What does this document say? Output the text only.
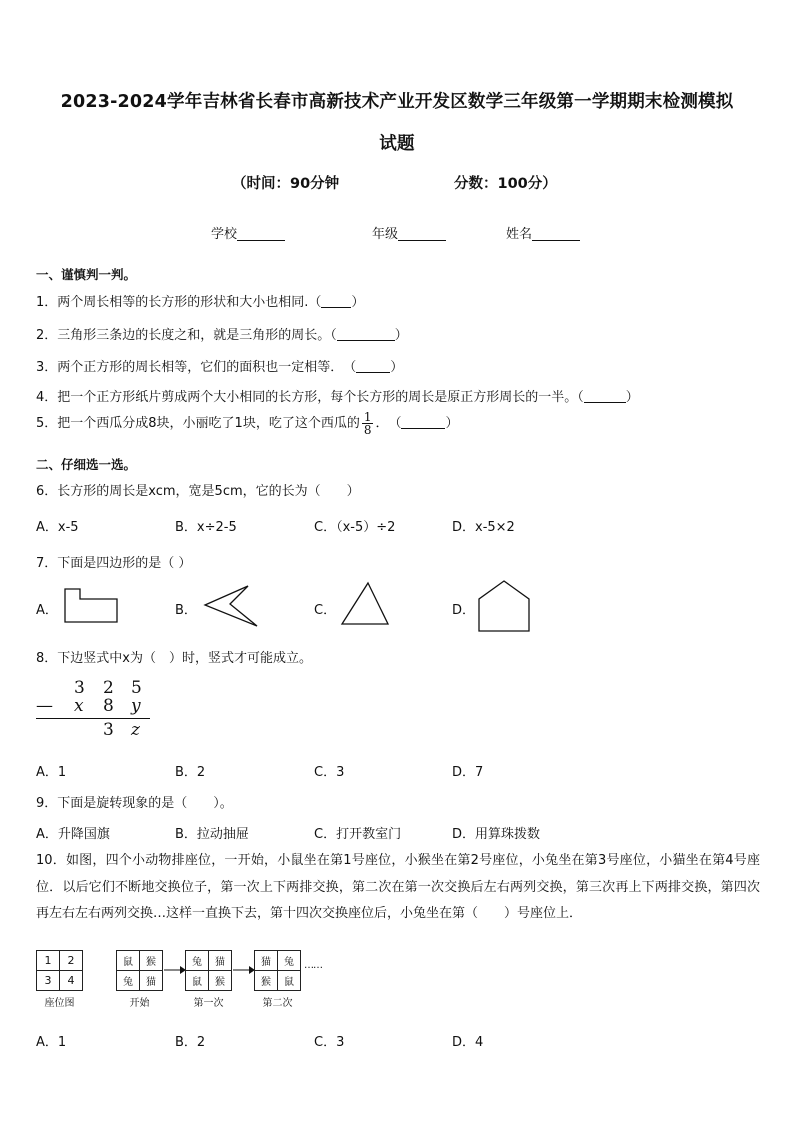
2023-2024学年吉林省长春市高新技术产业开发区数学三年级第一学期期末检测模拟
试题
（时间：90分钟	分数：100分）
学校	年级	姓名
一、谨慎判一判。
1．两个周长相等的长方形的形状和大小也相同.（ ）
2．三角形三条边的长度之和，就是三角形的周长。（	）
3．两个正方形的周长相等，它们的面积也一定相等．　（	）
4．把一个正方形纸片剪成两个大小相同的长方形，每个长方形的周长是原正方形周长的一半。（	）
5．把一个西瓜分成8块，小丽吃了1块，吃了这个西瓜的 $\frac{1}{8}$ ．　（	）
二、仔细选一选。
6．长方形的周长是xcm，宽是5cm，它的长为（　　）
A．x-5	B．x÷2-5	C．（x-5）÷2	D．x-5×2
7．下面是四边形的是（ ）
A．	B．	C．	D．
8．下边竖式中x为（　）时，竖式才可能成立。
3 2 5
— x 8 y
3 z
A．1	B．2	C．3	D．7
9．下面是旋转现象的是（　　）。
A．升降国旗	B．拉动抽屉	C．打开教室门	D．用算珠拨数
10．如图，四个小动物排座位，一开始，小鼠坐在第1号座位，小猴坐在第2号座位，小兔坐在第3号座位，小猫坐在第4号座位．以后它们不断地交换位子，第一次上下两排交换，第二次在第一次交换后左右两列交换，第三次再上下两排交换，第四次再左右左右两列交换…这样一直换下去，第十四次交换座位后，小兔坐在第（　　）号座位上．
1	2
3	4
座位图
鼠	猴
兔	猫
开始
兔	猫
鼠	猴
第一次
猫	兔
猴	鼠
第二次
……
A．1	B．2	C．3	D．4
